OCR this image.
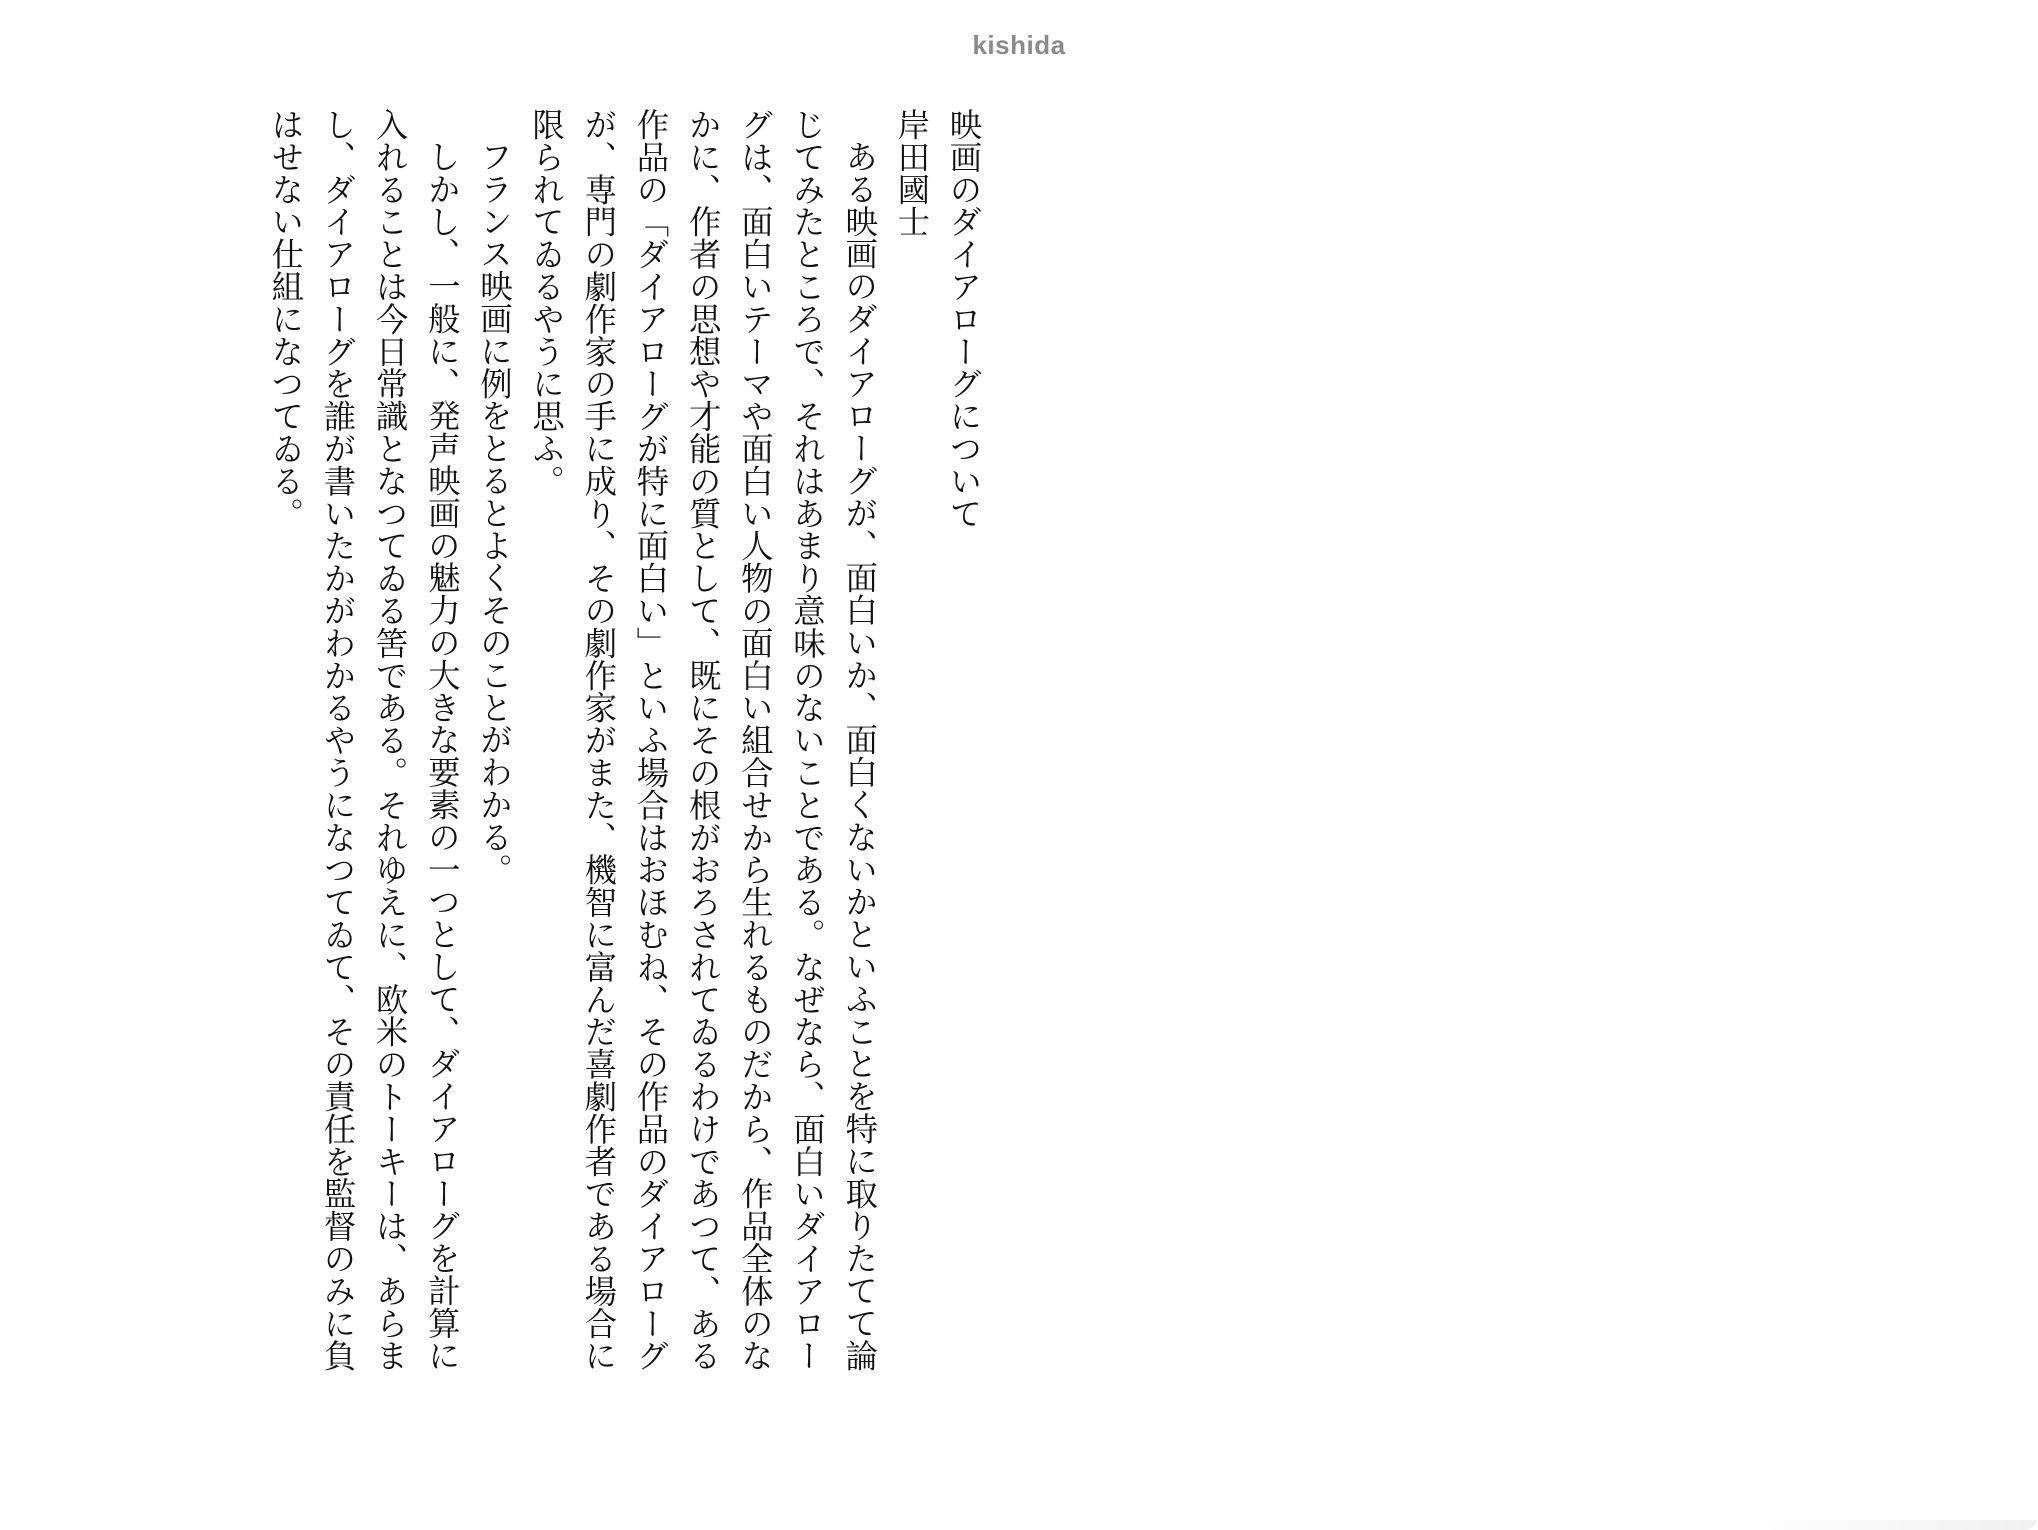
kishida

映画のダイアローグについて

岸田國士

ある映画のダイアローグが、面白いか、面白くないかといふことを特に取りたてて論じてみたところで、それはあまり意味のないことである。なぜなら、面白いダイアローグは、面白いテーマや面白い人物の面白い組合せから生れるものだから、作品全体のなかに、作者の思想や才能の質として、既にその根がおろされてゐるわけであつて、ある作品の「ダイアローグが特に面白い」といふ場合はおほむね、その作品のダイアローグが、専門の劇作家の手に成り、その劇作家がまた、機智に富んだ喜劇作者である場合に限られてゐるやうに思ふ。

フランス映画に例をとるとよくそのことがわかる。

しかし、一般に、発声映画の魅力の大きな要素の一つとして、ダイアローグを計算に入れることは今日常識となつてゐる筈である。それゆえに、欧米のトーキーは、あらまし、ダイアローグを誰が書いたかがわかるやうになつてゐて、その責任を監督のみに負はせない仕組になつてゐる。
